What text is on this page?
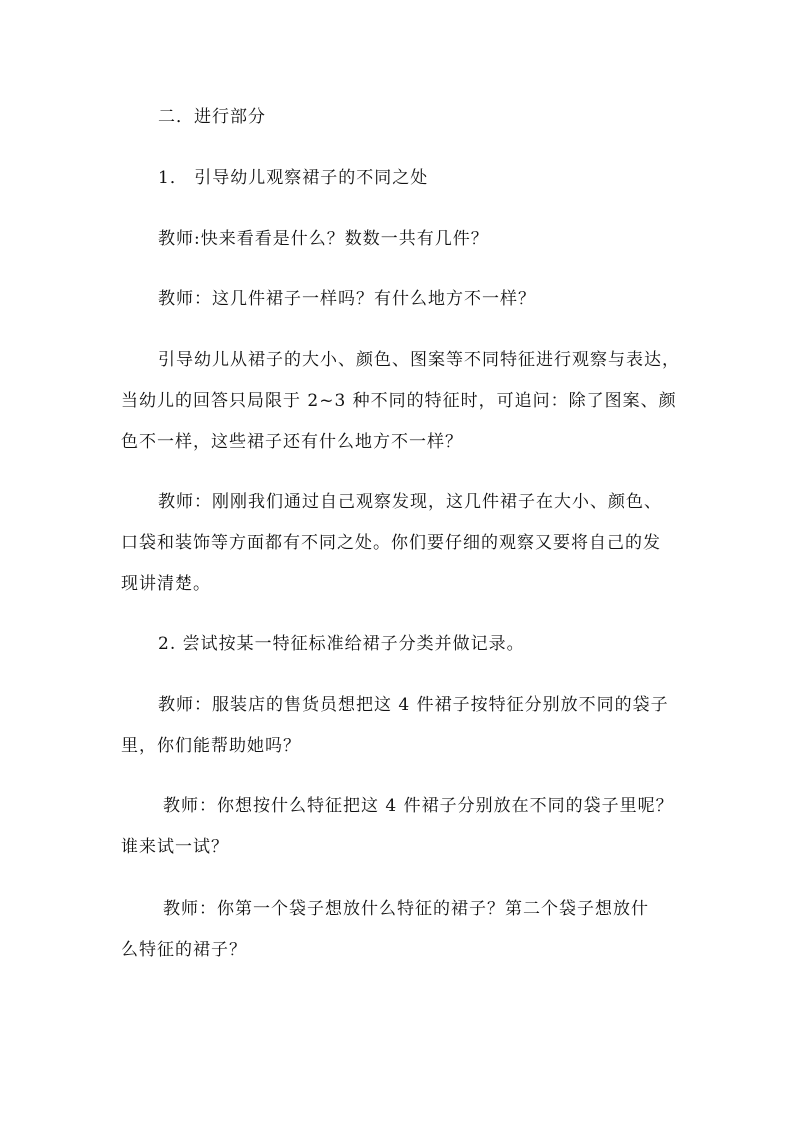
二．进行部分
1． 引导幼儿观察裙子的不同之处
教师:快来看看是什么？数数一共有几件？
教师：这几件裙子一样吗？有什么地方不一样？
引导幼儿从裙子的大小、颜色、图案等不同特征进行观察与表达，
当幼儿的回答只局限于 2~3 种不同的特征时，可追问：除了图案、颜
色不一样，这些裙子还有什么地方不一样？
教师：刚刚我们通过自己观察发现，这几件裙子在大小、颜色、
口袋和装饰等方面都有不同之处。你们要仔细的观察又要将自己的发
现讲清楚。
2. 尝试按某一特征标准给裙子分类并做记录。
教师：服装店的售货员想把这 4 件裙子按特征分别放不同的袋子
里，你们能帮助她吗？
教师：你想按什么特征把这 4 件裙子分别放在不同的袋子里呢？
谁来试一试？
教师：你第一个袋子想放什么特征的裙子？第二个袋子想放什
么特征的裙子？
